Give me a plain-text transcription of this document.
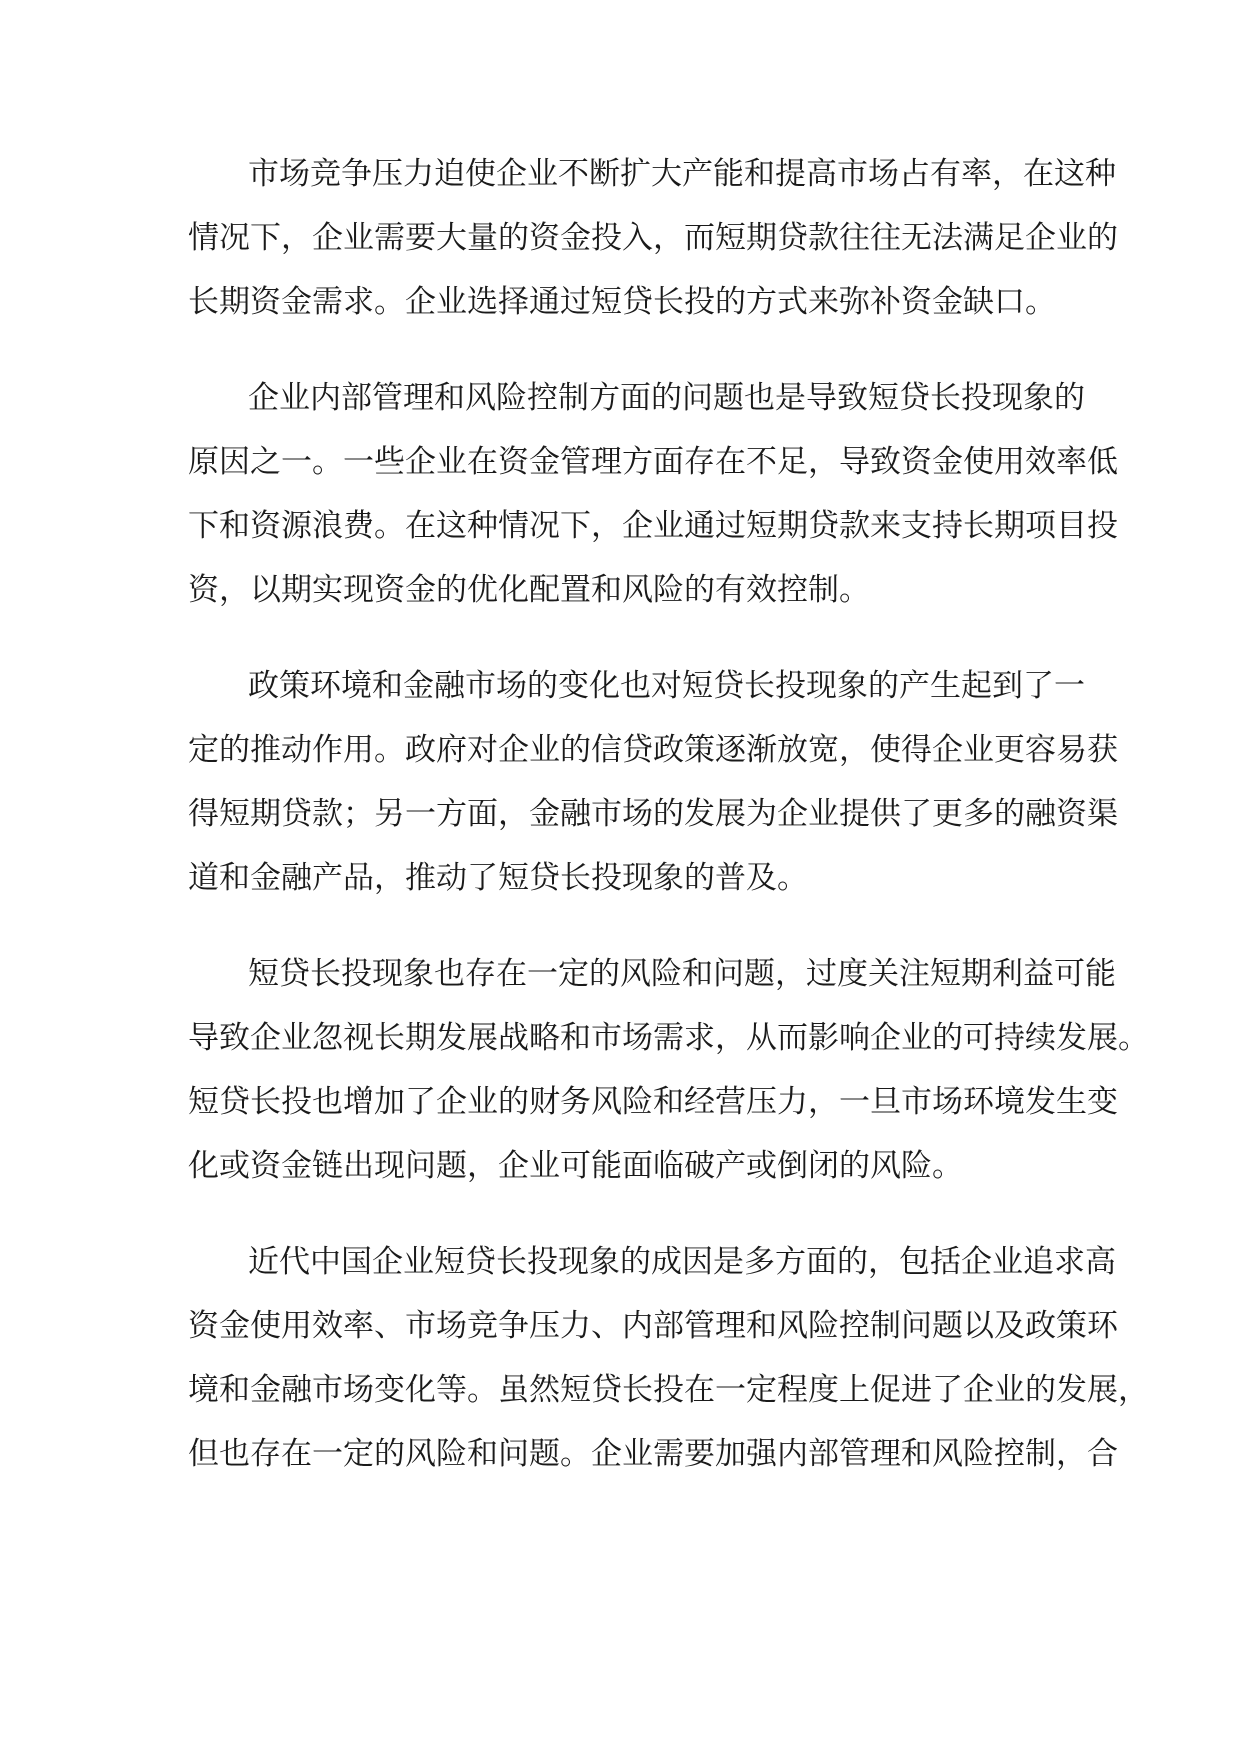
市场竞争压力迫使企业不断扩大产能和提高市场占有率，在这种

情况下，企业需要大量的资金投入，而短期贷款往往无法满足企业的

长期资金需求。企业选择通过短贷长投的方式来弥补资金缺口。

企业内部管理和风险控制方面的问题也是导致短贷长投现象的

原因之一。一些企业在资金管理方面存在不足，导致资金使用效率低

下和资源浪费。在这种情况下，企业通过短期贷款来支持长期项目投

资，以期实现资金的优化配置和风险的有效控制。

政策环境和金融市场的变化也对短贷长投现象的产生起到了一

定的推动作用。政府对企业的信贷政策逐渐放宽，使得企业更容易获

得短期贷款；另一方面，金融市场的发展为企业提供了更多的融资渠

道和金融产品，推动了短贷长投现象的普及。

短贷长投现象也存在一定的风险和问题，过度关注短期利益可能

导致企业忽视长期发展战略和市场需求，从而影响企业的可持续发展。

短贷长投也增加了企业的财务风险和经营压力，一旦市场环境发生变

化或资金链出现问题，企业可能面临破产或倒闭的风险。

近代中国企业短贷长投现象的成因是多方面的，包括企业追求高

资金使用效率、市场竞争压力、内部管理和风险控制问题以及政策环

境和金融市场变化等。虽然短贷长投在一定程度上促进了企业的发展，

但也存在一定的风险和问题。企业需要加强内部管理和风险控制，合
